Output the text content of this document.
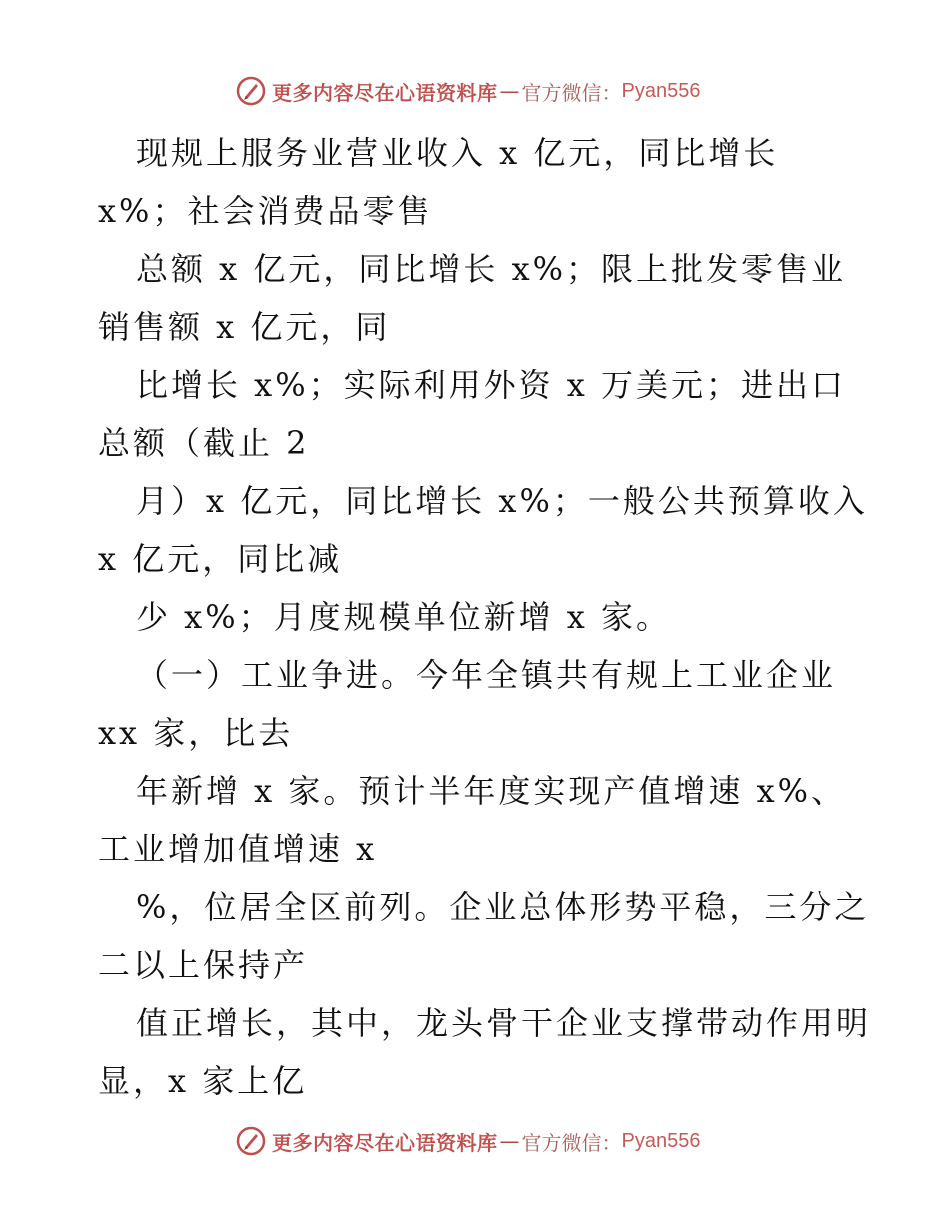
更多内容尽在心语资料库 — 官方微信： Pyan556
现规上服务业营业收入 x 亿元，同比增长
x%；社会消费品零售
总额 x 亿元，同比增长 x%；限上批发零售业
销售额 x 亿元，同
比增长 x%；实际利用外资 x 万美元；进出口
总额（截止 2
月）x 亿元，同比增长 x%；一般公共预算收入
x 亿元，同比减
少 x%；月度规模单位新增 x 家。
（一）工业争进。今年全镇共有规上工业企业
xx 家，比去
年新增 x 家。预计半年度实现产值增速 x%、
工业增加值增速 x
%，位居全区前列。企业总体形势平稳，三分之
二以上保持产
值正增长，其中，龙头骨干企业支撑带动作用明
显，x 家上亿
更多内容尽在心语资料库 — 官方微信： Pyan556
